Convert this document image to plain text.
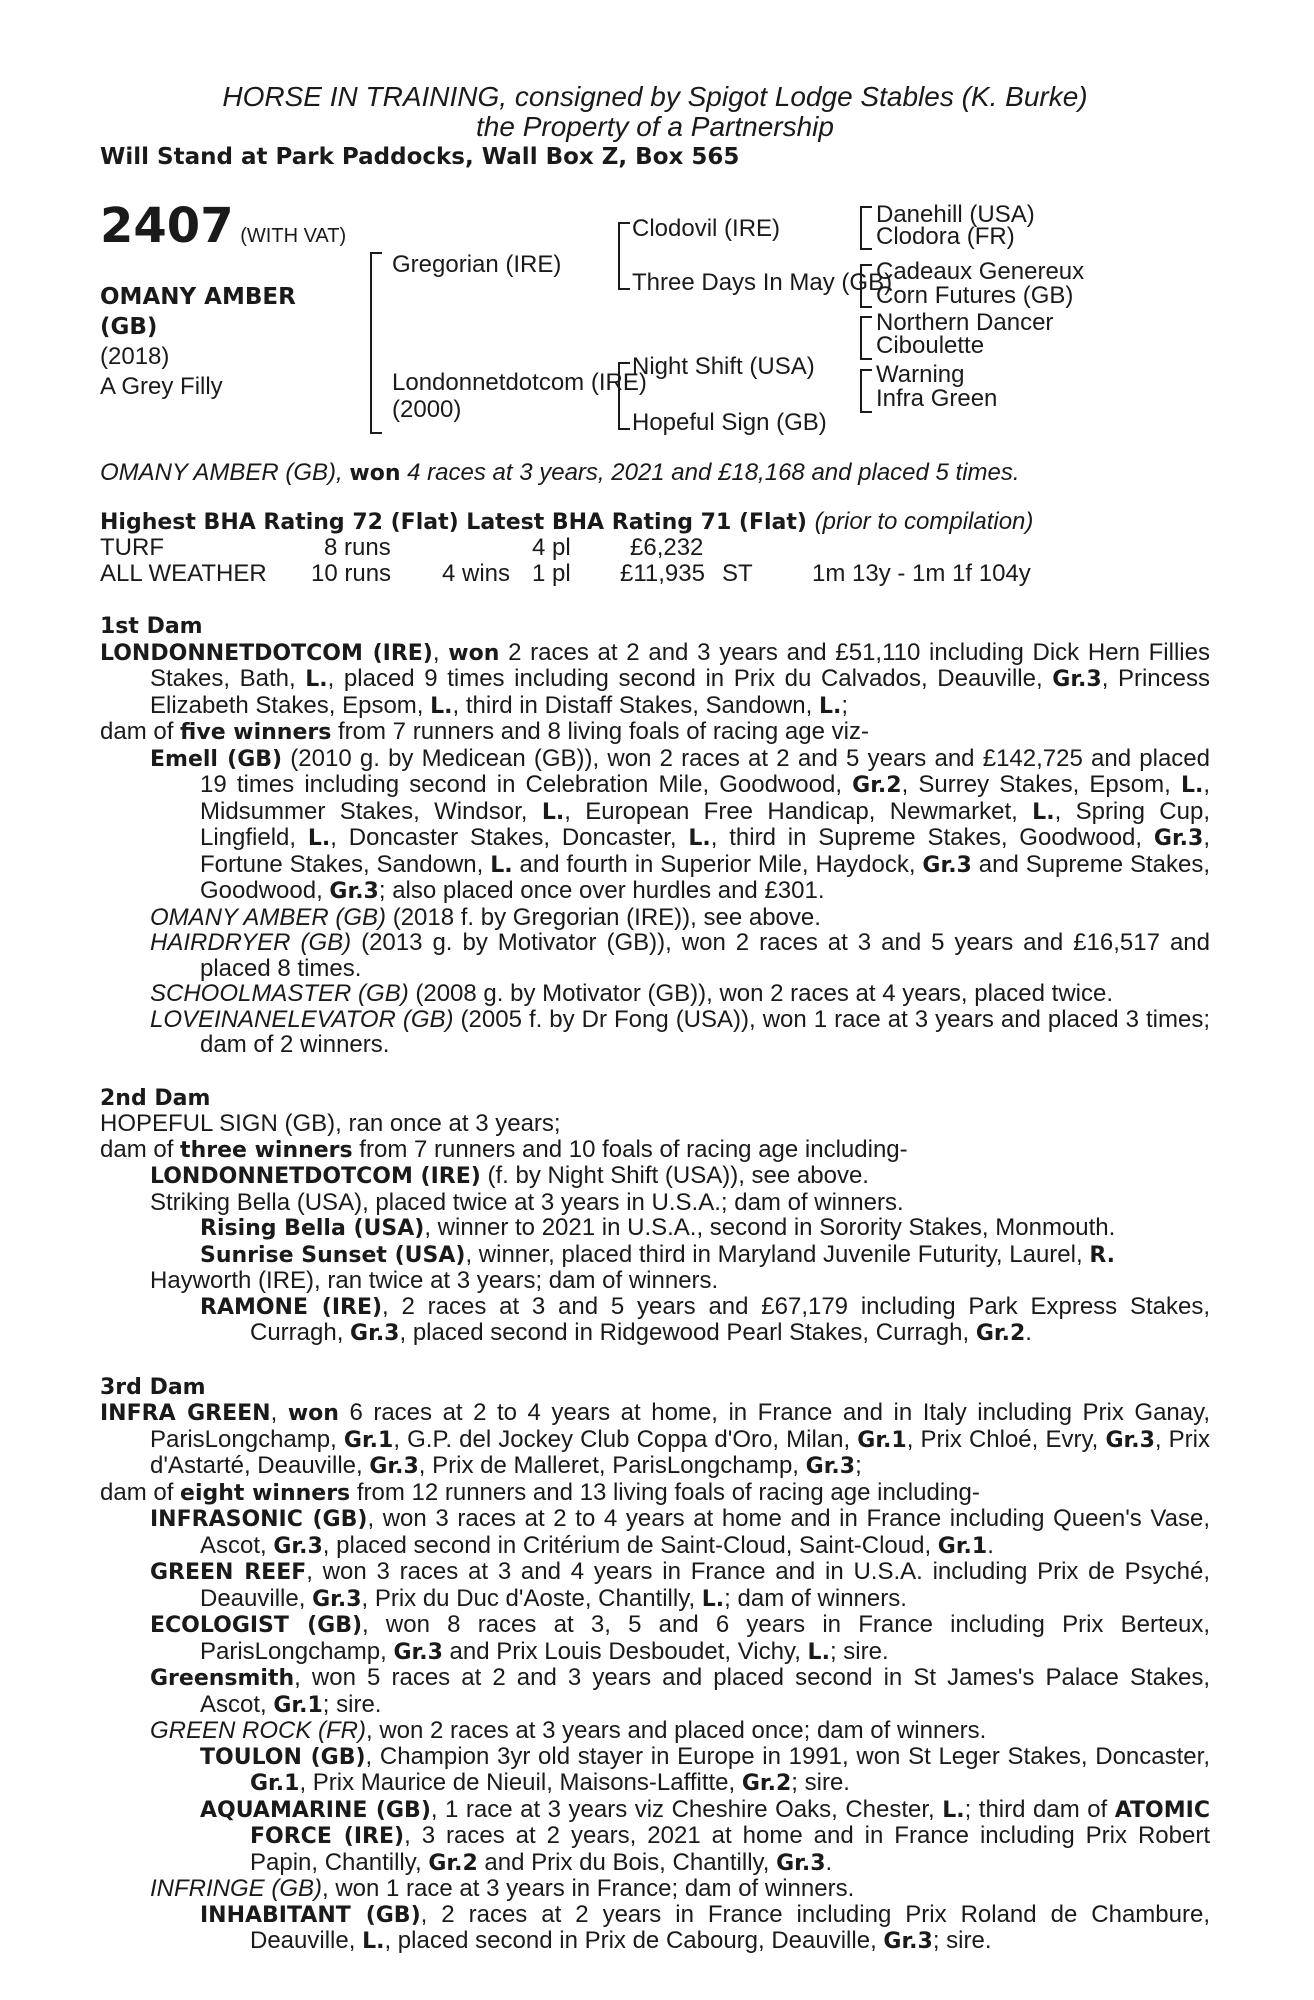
HORSE IN TRAINING, consigned by Spigot Lodge Stables (K. Burke)
the Property of a Partnership
Will Stand at Park Paddocks, Wall Box Z, Box 565
2407 (WITH VAT)
OMANY AMBER
(GB)
(2018)
A Grey Filly
Gregorian (IRE)
Londonnetdotcom (IRE)
(2000)
Clodovil (IRE)
Three Days In May (GB)
Night Shift (USA)
Hopeful Sign (GB)
Danehill (USA)
Clodora (FR)
Cadeaux Genereux
Corn Futures (GB)
Northern Dancer
Ciboulette
Warning
Infra Green
OMANY AMBER (GB), won 4 races at 3 years, 2021 and £18,168 and placed 5 times.
Highest BHA Rating 72 (Flat) Latest BHA Rating 71 (Flat) (prior to compilation)
TURF	8 runs	4 pl £6,232
ALL WEATHER 10 runs 4 wins 1 pl £11,935 ST 1m 13y - 1m 1f 104y
1st Dam
LONDONNETDOTCOM (IRE), won 2 races at 2 and 3 years and £51,110 including Dick Hern Fillies Stakes, Bath, L., placed 9 times including second in Prix du Calvados, Deauville, Gr.3, Princess Elizabeth Stakes, Epsom, L., third in Distaff Stakes, Sandown, L.;
dam of five winners from 7 runners and 8 living foals of racing age viz-
Emell (GB) (2010 g. by Medicean (GB)), won 2 races at 2 and 5 years and £142,725 and placed 19 times including second in Celebration Mile, Goodwood, Gr.2, Surrey Stakes, Epsom, L., Midsummer Stakes, Windsor, L., European Free Handicap, Newmarket, L., Spring Cup, Lingfield, L., Doncaster Stakes, Doncaster, L., third in Supreme Stakes, Goodwood, Gr.3, Fortune Stakes, Sandown, L. and fourth in Superior Mile, Haydock, Gr.3 and Supreme Stakes, Goodwood, Gr.3; also placed once over hurdles and £301.
OMANY AMBER (GB) (2018 f. by Gregorian (IRE)), see above.
HAIRDRYER (GB) (2013 g. by Motivator (GB)), won 2 races at 3 and 5 years and £16,517 and placed 8 times.
SCHOOLMASTER (GB) (2008 g. by Motivator (GB)), won 2 races at 4 years, placed twice.
LOVEINANELEVATOR (GB) (2005 f. by Dr Fong (USA)), won 1 race at 3 years and placed 3 times; dam of 2 winners.
2nd Dam
HOPEFUL SIGN (GB), ran once at 3 years;
dam of three winners from 7 runners and 10 foals of racing age including-
LONDONNETDOTCOM (IRE) (f. by Night Shift (USA)), see above.
Striking Bella (USA), placed twice at 3 years in U.S.A.; dam of winners.
Rising Bella (USA), winner to 2021 in U.S.A., second in Sorority Stakes, Monmouth.
Sunrise Sunset (USA), winner, placed third in Maryland Juvenile Futurity, Laurel, R.
Hayworth (IRE), ran twice at 3 years; dam of winners.
RAMONE (IRE), 2 races at 3 and 5 years and £67,179 including Park Express Stakes, Curragh, Gr.3, placed second in Ridgewood Pearl Stakes, Curragh, Gr.2.
3rd Dam
INFRA GREEN, won 6 races at 2 to 4 years at home, in France and in Italy including Prix Ganay, ParisLongchamp, Gr.1, G.P. del Jockey Club Coppa d'Oro, Milan, Gr.1, Prix Chloé, Evry, Gr.3, Prix d'Astarté, Deauville, Gr.3, Prix de Malleret, ParisLongchamp, Gr.3;
dam of eight winners from 12 runners and 13 living foals of racing age including-
INFRASONIC (GB), won 3 races at 2 to 4 years at home and in France including Queen's Vase, Ascot, Gr.3, placed second in Critérium de Saint-Cloud, Saint-Cloud, Gr.1.
GREEN REEF, won 3 races at 3 and 4 years in France and in U.S.A. including Prix de Psyché, Deauville, Gr.3, Prix du Duc d'Aoste, Chantilly, L.; dam of winners.
ECOLOGIST (GB), won 8 races at 3, 5 and 6 years in France including Prix Berteux, ParisLongchamp, Gr.3 and Prix Louis Desboudet, Vichy, L.; sire.
Greensmith, won 5 races at 2 and 3 years and placed second in St James's Palace Stakes, Ascot, Gr.1; sire.
GREEN ROCK (FR), won 2 races at 3 years and placed once; dam of winners.
TOULON (GB), Champion 3yr old stayer in Europe in 1991, won St Leger Stakes, Doncaster, Gr.1, Prix Maurice de Nieuil, Maisons-Laffitte, Gr.2; sire.
AQUAMARINE (GB), 1 race at 3 years viz Cheshire Oaks, Chester, L.; third dam of ATOMIC FORCE (IRE), 3 races at 2 years, 2021 at home and in France including Prix Robert Papin, Chantilly, Gr.2 and Prix du Bois, Chantilly, Gr.3.
INFRINGE (GB), won 1 race at 3 years in France; dam of winners.
INHABITANT (GB), 2 races at 2 years in France including Prix Roland de Chambure, Deauville, L., placed second in Prix de Cabourg, Deauville, Gr.3; sire.
